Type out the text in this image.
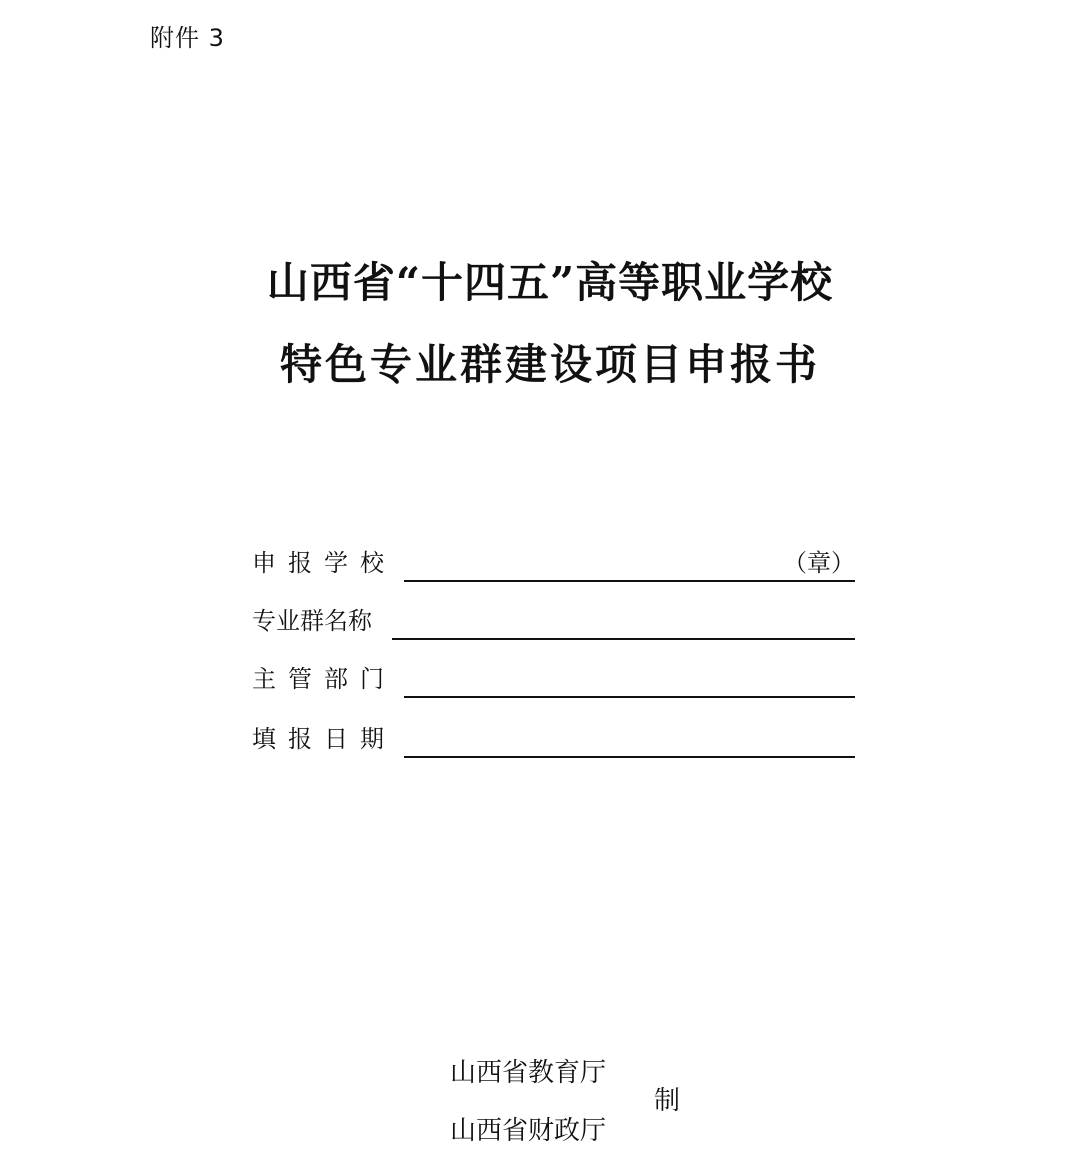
附件 3
山西省“十四五”高等职业学校
特色专业群建设项目申报书
申报学校	（章）
专业群名称
主管部门
填报日期
山西省教育厅
山西省财政厅
制
